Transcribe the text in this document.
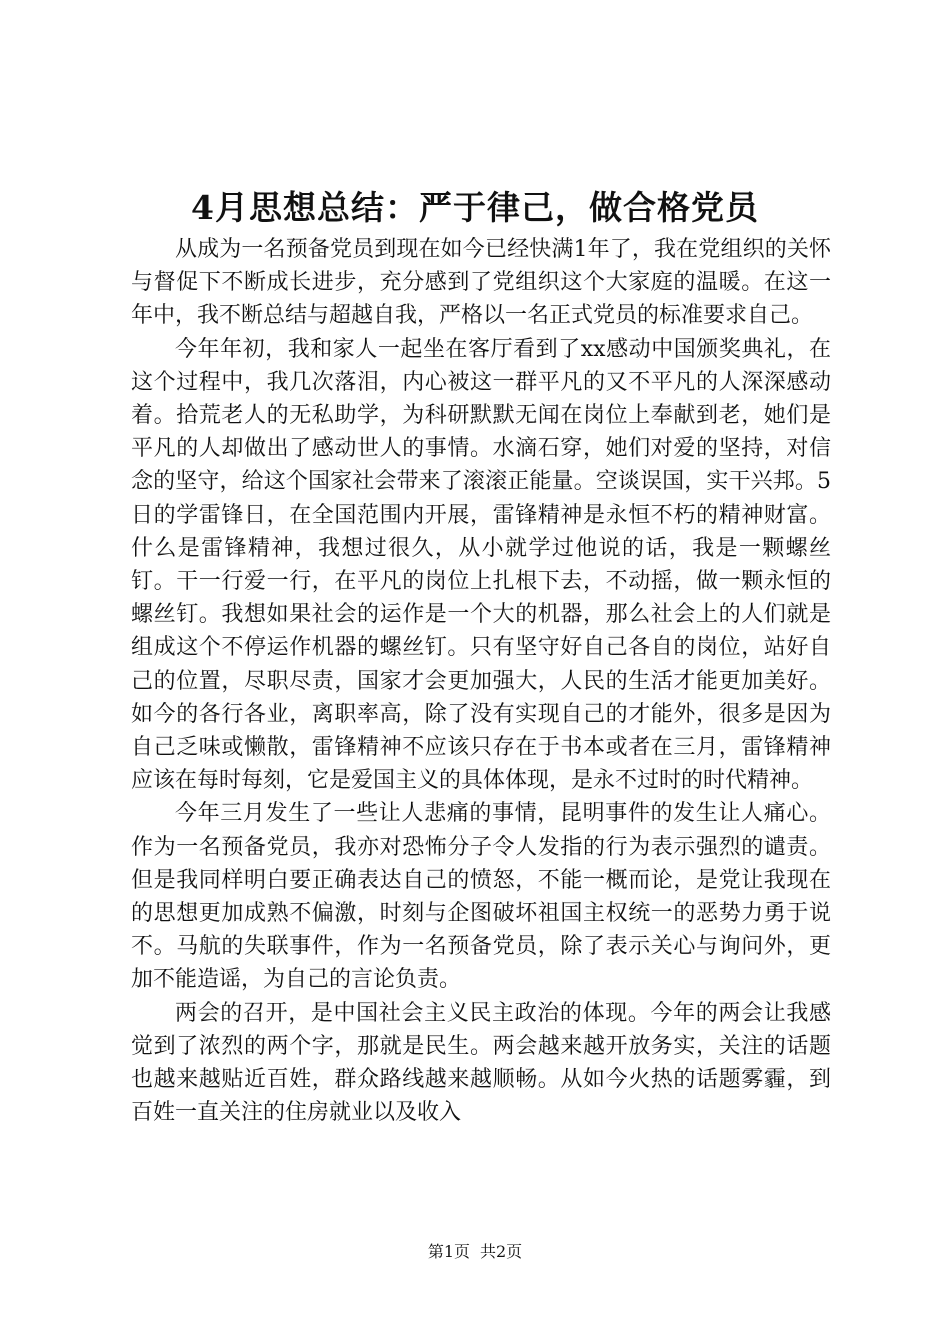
4月思想总结：严于律己，做合格党员

从成为一名预备党员到现在如今已经快满1年了，我在党组织的关怀与督促下不断成长进步，充分感到了党组织这个大家庭的温暖。在这一年中，我不断总结与超越自我，严格以一名正式党员的标准要求自己。

今年年初，我和家人一起坐在客厅看到了xx感动中国颁奖典礼，在这个过程中，我几次落泪，内心被这一群平凡的又不平凡的人深深感动着。拾荒老人的无私助学，为科研默默无闻在岗位上奉献到老，她们是平凡的人却做出了感动世人的事情。水滴石穿，她们对爱的坚持，对信念的坚守，给这个国家社会带来了滚滚正能量。空谈误国，实干兴邦。5日的学雷锋日，在全国范围内开展，雷锋精神是永恒不朽的精神财富。什么是雷锋精神，我想过很久，从小就学过他说的话，我是一颗螺丝钉。干一行爱一行，在平凡的岗位上扎根下去，不动摇，做一颗永恒的螺丝钉。我想如果社会的运作是一个大的机器，那么社会上的人们就是组成这个不停运作机器的螺丝钉。只有坚守好自己各自的岗位，站好自己的位置，尽职尽责，国家才会更加强大，人民的生活才能更加美好。如今的各行各业，离职率高，除了没有实现自己的才能外，很多是因为自己乏味或懒散，雷锋精神不应该只存在于书本或者在三月，雷锋精神应该在每时每刻，它是爱国主义的具体体现，是永不过时的时代精神。

今年三月发生了一些让人悲痛的事情，昆明事件的发生让人痛心。作为一名预备党员，我亦对恐怖分子令人发指的行为表示强烈的谴责。但是我同样明白要正确表达自己的愤怒，不能一概而论，是党让我现在的思想更加成熟不偏激，时刻与企图破坏祖国主权统一的恶势力勇于说不。马航的失联事件，作为一名预备党员，除了表示关心与询问外，更加不能造谣，为自己的言论负责。

两会的召开，是中国社会主义民主政治的体现。今年的两会让我感觉到了浓烈的两个字，那就是民生。两会越来越开放务实，关注的话题也越来越贴近百姓，群众路线越来越顺畅。从如今火热的话题雾霾，到百姓一直关注的住房就业以及收入

第1页 共2页
